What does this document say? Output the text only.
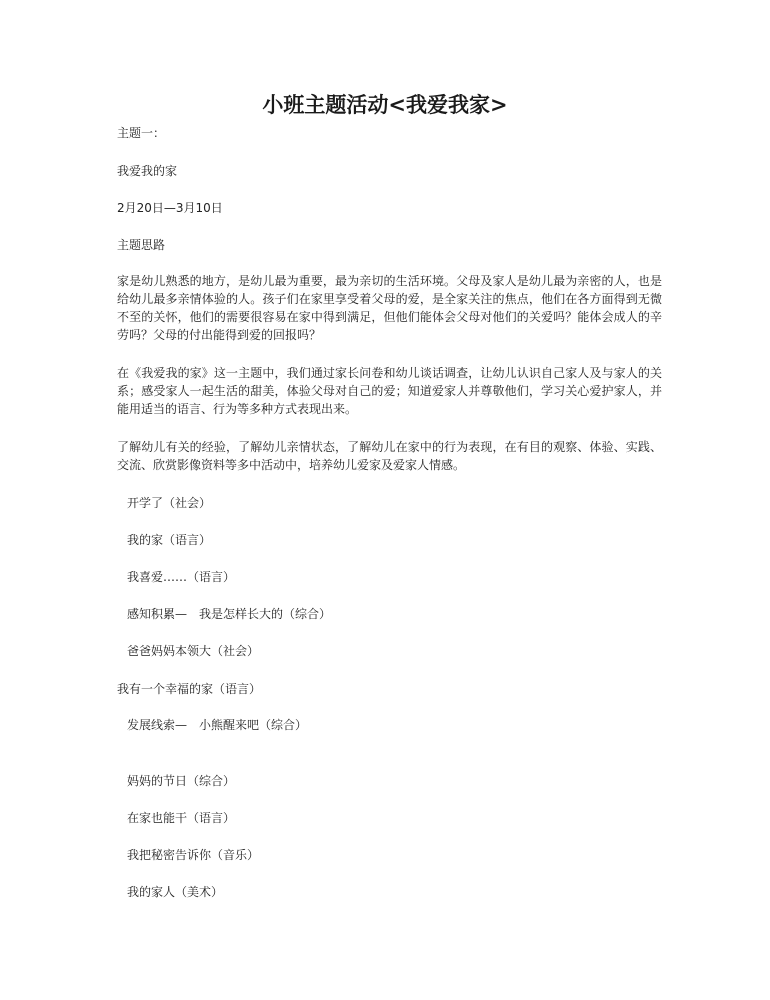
小班主题活动<我爱我家>

主题一：

我爱我的家

2月20日—3月10日

主题思路

家是幼儿熟悉的地方，是幼儿最为重要，最为亲切的生活环境。父母及家人是幼儿最为亲密的人，也是给幼儿最多亲情体验的人。孩子们在家里享受着父母的爱，是全家关注的焦点，他们在各方面得到无微不至的关怀，他们的需要很容易在家中得到满足，但他们能体会父母对他们的关爱吗？能体会成人的辛劳吗？父母的付出能得到爱的回报吗？

在《我爱我的家》这一主题中，我们通过家长问卷和幼儿谈话调查，让幼儿认识自己家人及与家人的关系；感受家人一起生活的甜美，体验父母对自己的爱；知道爱家人并尊敬他们，学习关心爱护家人，并能用适当的语言、行为等多种方式表现出来。

了解幼儿有关的经验，了解幼儿亲情状态，了解幼儿在家中的行为表现，在有目的观察、体验、实践、交流、欣赏影像资料等多中活动中，培养幼儿爱家及爱家人情感。

开学了（社会）

我的家（语言）

我喜爱……（语言）

感知积累—　我是怎样长大的（综合）

爸爸妈妈本领大（社会）

我有一个幸福的家（语言）

发展线索—　小熊醒来吧（综合）

妈妈的节日（综合）

在家也能干（语言）

我把秘密告诉你（音乐）

我的家人（美术）
